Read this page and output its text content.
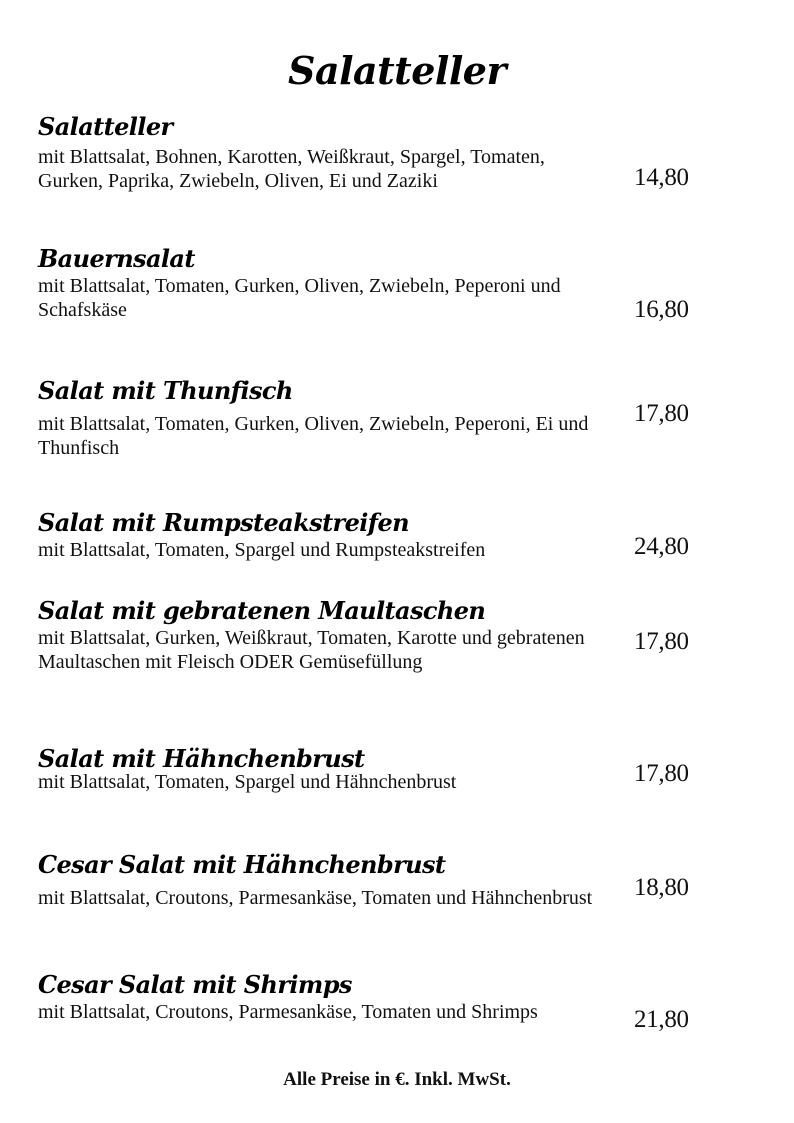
Salatteller
Salatteller
mit Blattsalat, Bohnen, Karotten, Weißkraut, Spargel, Tomaten, Gurken, Paprika, Zwiebeln, Oliven, Ei und Zaziki	14,80
Bauernsalat
mit Blattsalat, Tomaten, Gurken, Oliven, Zwiebeln, Peperoni und Schafskäse	16,80
Salat mit Thunfisch
mit Blattsalat, Tomaten, Gurken, Oliven, Zwiebeln, Peperoni, Ei und Thunfisch
17,80
Salat mit Rumpsteakstreifen
mit Blattsalat, Tomaten, Spargel und Rumpsteakstreifen	24,80
Salat mit gebratenen Maultaschen
mit Blattsalat, Gurken, Weißkraut, Tomaten, Karotte und gebratenen Maultaschen mit Fleisch ODER Gemüsefüllung
17,80
Salat mit Hähnchenbrust
mit Blattsalat, Tomaten, Spargel und Hähnchenbrust	17,80
Cesar Salat mit Hähnchenbrust
mit Blattsalat, Croutons, Parmesankäse, Tomaten und Hähnchenbrust 18,80
Cesar Salat mit Shrimps
mit Blattsalat, Croutons, Parmesankäse, Tomaten und Shrimps	21,80
Alle Preise in €. Inkl. MwSt.
